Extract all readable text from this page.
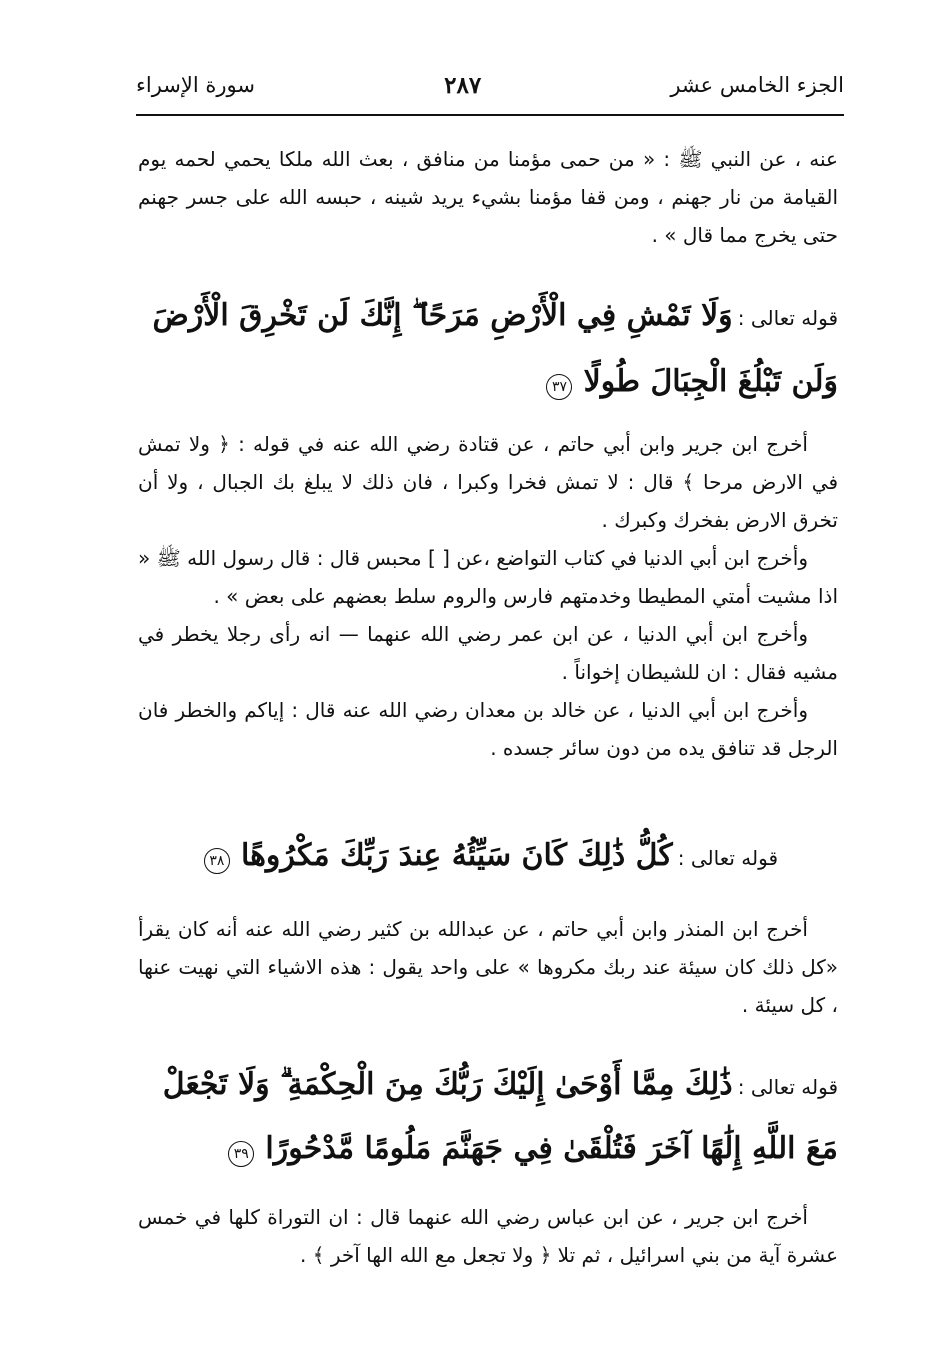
الجزء الخامس عشر
٢٨٧
سورة الإسراء

عنه ، عن النبي ﷺ : « من حمى مؤمنا من منافق ، بعث الله ملكا يحمي لحمه يوم القيامة من نار جهنم ، ومن قفا مؤمنا بشيء يريد شينه ، حبسه الله على جسر جهنم حتى يخرج مما قال » .

قوله تعالى : وَلَا تَمْشِ فِي الْأَرْضِ مَرَحًا ۖ إِنَّكَ لَن تَخْرِقَ الْأَرْضَ وَلَن تَبْلُغَ الْجِبَالَ طُولًا ٣٧

أخرج ابن جرير وابن أبي حاتم ، عن قتادة رضي الله عنه في قوله : ﴿ ولا تمش في الارض مرحا ﴾ قال : لا تمش فخرا وكبرا ، فان ذلك لا يبلغ بك الجبال ، ولا أن تخرق الارض بفخرك وكبرك .

وأخرج ابن أبي الدنيا في كتاب التواضع ،عن [ ] محبس قال : قال رسول الله ﷺ « اذا مشيت أمتي المطيطا وخدمتهم فارس والروم سلط بعضهم على بعض » .

وأخرج ابن أبي الدنيا ، عن ابن عمر رضي الله عنهما — انه رأى رجلا يخطر في مشيه فقال : ان للشيطان إخواناً .

وأخرج ابن أبي الدنيا ، عن خالد بن معدان رضي الله عنه قال : إياكم والخطر فان الرجل قد تنافق يده من دون سائر جسده .

قوله تعالى : كُلُّ ذَٰلِكَ كَانَ سَيِّئُهُ عِندَ رَبِّكَ مَكْرُوهًا ٣٨

أخرج ابن المنذر وابن أبي حاتم ، عن عبدالله بن كثير رضي الله عنه أنه كان يقرأ «كل ذلك كان سيئة عند ربك مكروها » على واحد يقول : هذه الاشياء التي نهيت عنها ، كل سيئة .

قوله تعالى : ذَٰلِكَ مِمَّا أَوْحَىٰ إِلَيْكَ رَبُّكَ مِنَ الْحِكْمَةِ ۗ وَلَا تَجْعَلْ مَعَ اللَّهِ إِلَٰهًا آخَرَ فَتُلْقَىٰ فِي جَهَنَّمَ مَلُومًا مَّدْحُورًا ٣٩

أخرج ابن جرير ، عن ابن عباس رضي الله عنهما قال : ان التوراة كلها في خمس عشرة آية من بني اسرائيل ، ثم تلا ﴿ ولا تجعل مع الله الها آخر ﴾ .
